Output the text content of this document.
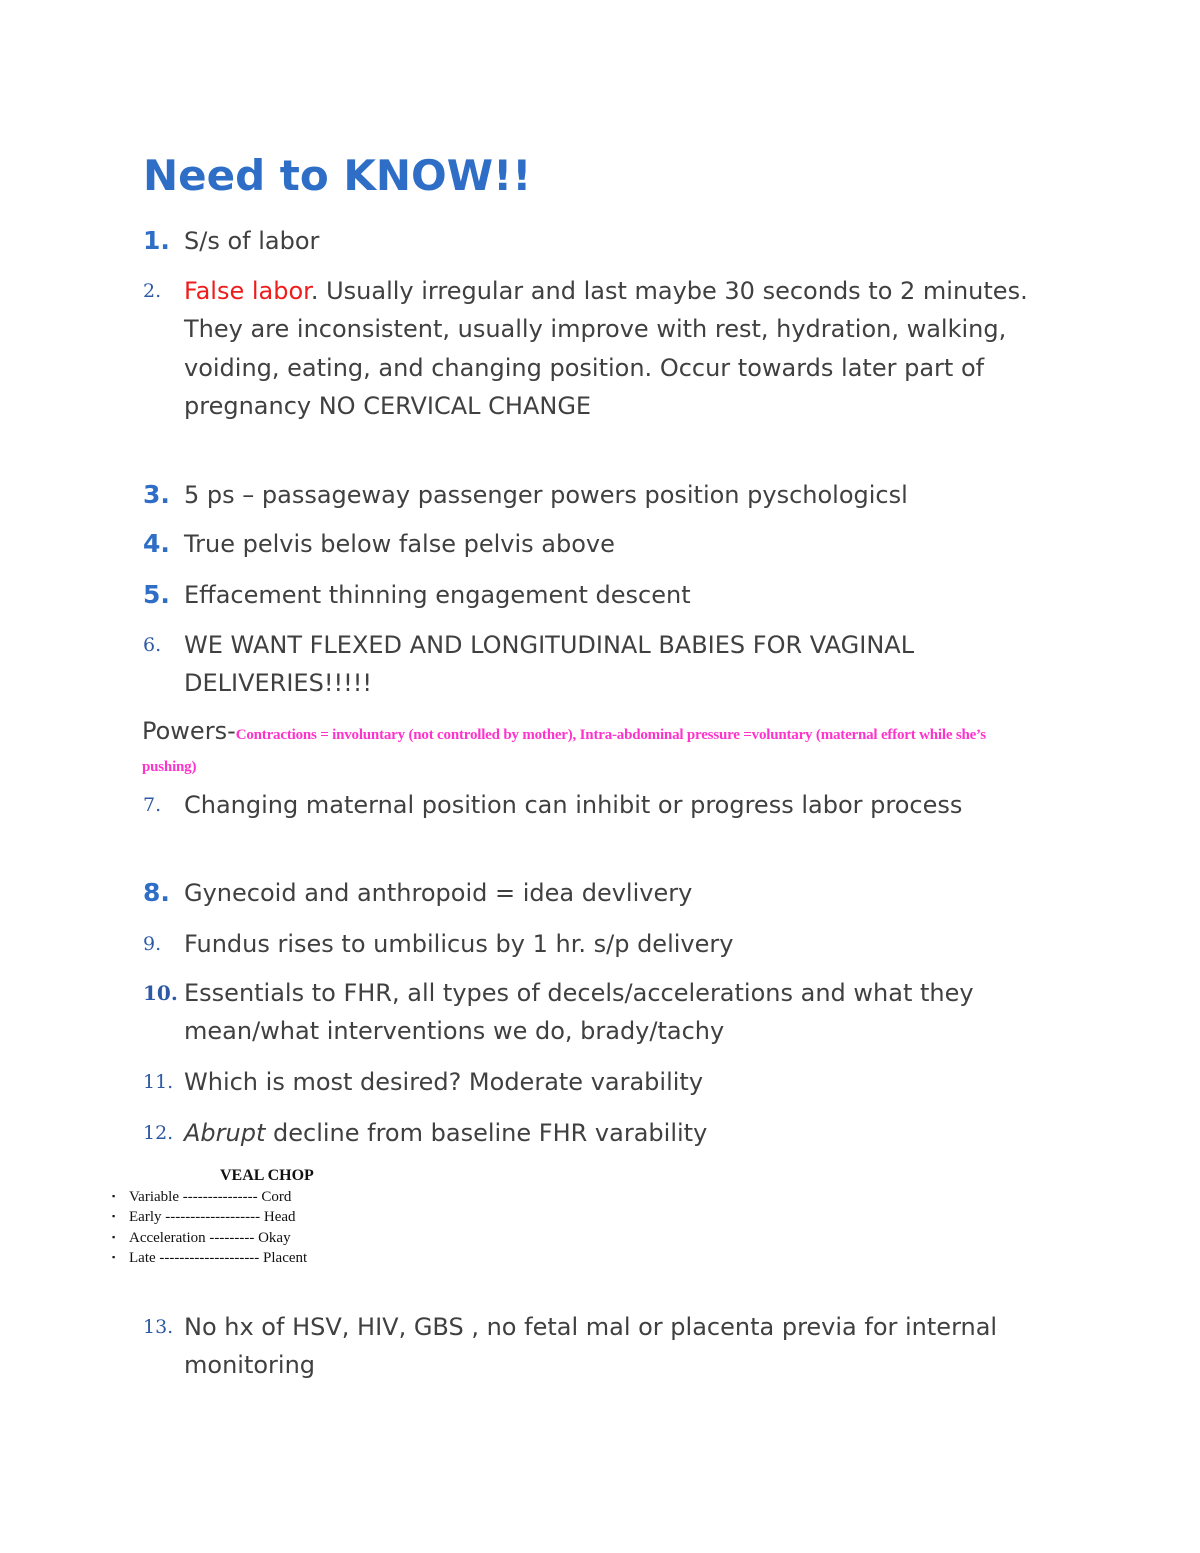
Need to KNOW!!
1. S/s of labor
2. False labor. Usually irregular and last maybe 30 seconds to 2 minutes. They are inconsistent, usually improve with rest, hydration, walking, voiding, eating, and changing position. Occur towards later part of pregnancy NO CERVICAL CHANGE
3. 5 ps – passageway passenger powers position pyschologicsl
4. True pelvis below false pelvis above
5. Effacement thinning engagement descent
6. WE WANT FLEXED AND LONGITUDINAL BABIES FOR VAGINAL DELIVERIES!!!!!
Powers-Contractions = involuntary (not controlled by mother), Intra-abdominal pressure =voluntary (maternal effort while she’s pushing)
7. Changing maternal position can inhibit or progress labor process
8. Gynecoid and anthropoid = idea devlivery
9. Fundus rises to umbilicus by 1 hr. s/p delivery
10. Essentials to FHR, all types of decels/accelerations and what they mean/what interventions we do, brady/tachy
11. Which is most desired? Moderate varability
12. Abrupt decline from baseline FHR varability
VEAL CHOP
▪ Variable --------------- Cord
▪ Early ------------------- Head
▪ Acceleration --------- Okay
▪ Late -------------------- Placent
13. No hx of HSV, HIV, GBS , no fetal mal or placenta previa for internal monitoring
